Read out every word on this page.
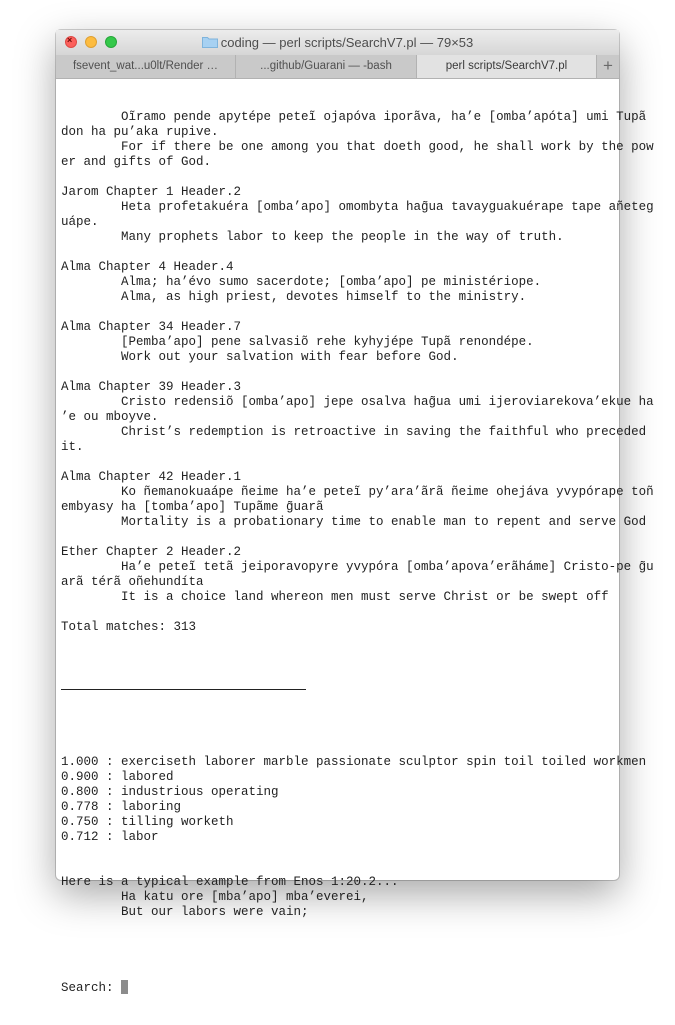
×	coding — perl scripts/SearchV7.pl — 79×53
fsevent_wat...u0lt/Render …	...github/Guarani — -bash	perl scripts/SearchV7.pl	+

Oĩramo pende apytépe peteĩ ojapóva iporãva, ha’e [omba’apóta] umi Tupã
don ha pu’aka rupive.
For if there be one among you that doeth good, he shall work by the pow
er and gifts of God.
Jarom Chapter 1 Header.2
Heta profetakuéra [omba’apo] omombyta hag̃ua tavayguakuérape tape añeteg
uápe.
Many prophets labor to keep the people in the way of truth.
Alma Chapter 4 Header.4
Alma; ha’évo sumo sacerdote; [omba’apo] pe ministériope.
Alma, as high priest, devotes himself to the ministry.
Alma Chapter 34 Header.7
[Pemba’apo] pene salvasiõ rehe kyhyjépe Tupã renondépe.
Work out your salvation with fear before God.
Alma Chapter 39 Header.3
Cristo redensiõ [omba’apo] jepe osalva hag̃ua umi ijeroviarekova’ekue ha
’e ou mboyve.
Christ’s redemption is retroactive in saving the faithful who preceded
it.
Alma Chapter 42 Header.1
Ko ñemanokuaápe ñeime ha’e peteĩ py’ara’ãrã ñeime ohejáva yvypórape toñ
embyasy ha [tomba’apo] Tupãme g̃uarã
Mortality is a probationary time to enable man to repent and serve God
Ether Chapter 2 Header.2
Ha’e peteĩ tetã jeiporavopyre yvypóra [omba’apova’erãháme] Cristo-pe g̃u
arã térã oñehundíta
It is a choice land whereon men must serve Christ or be swept off
Total matches: 313

1.000 : exerciseth laborer marble passionate sculptor spin toil toiled workmen
0.900 : labored
0.800 : industrious operating
0.778 : laboring
0.750 : tilling worketh
0.712 : labor
Here is a typical example from Enos 1:20.2...
Ha katu ore [mba’apo] mba’everei,
But our labors were vain;

Search:
